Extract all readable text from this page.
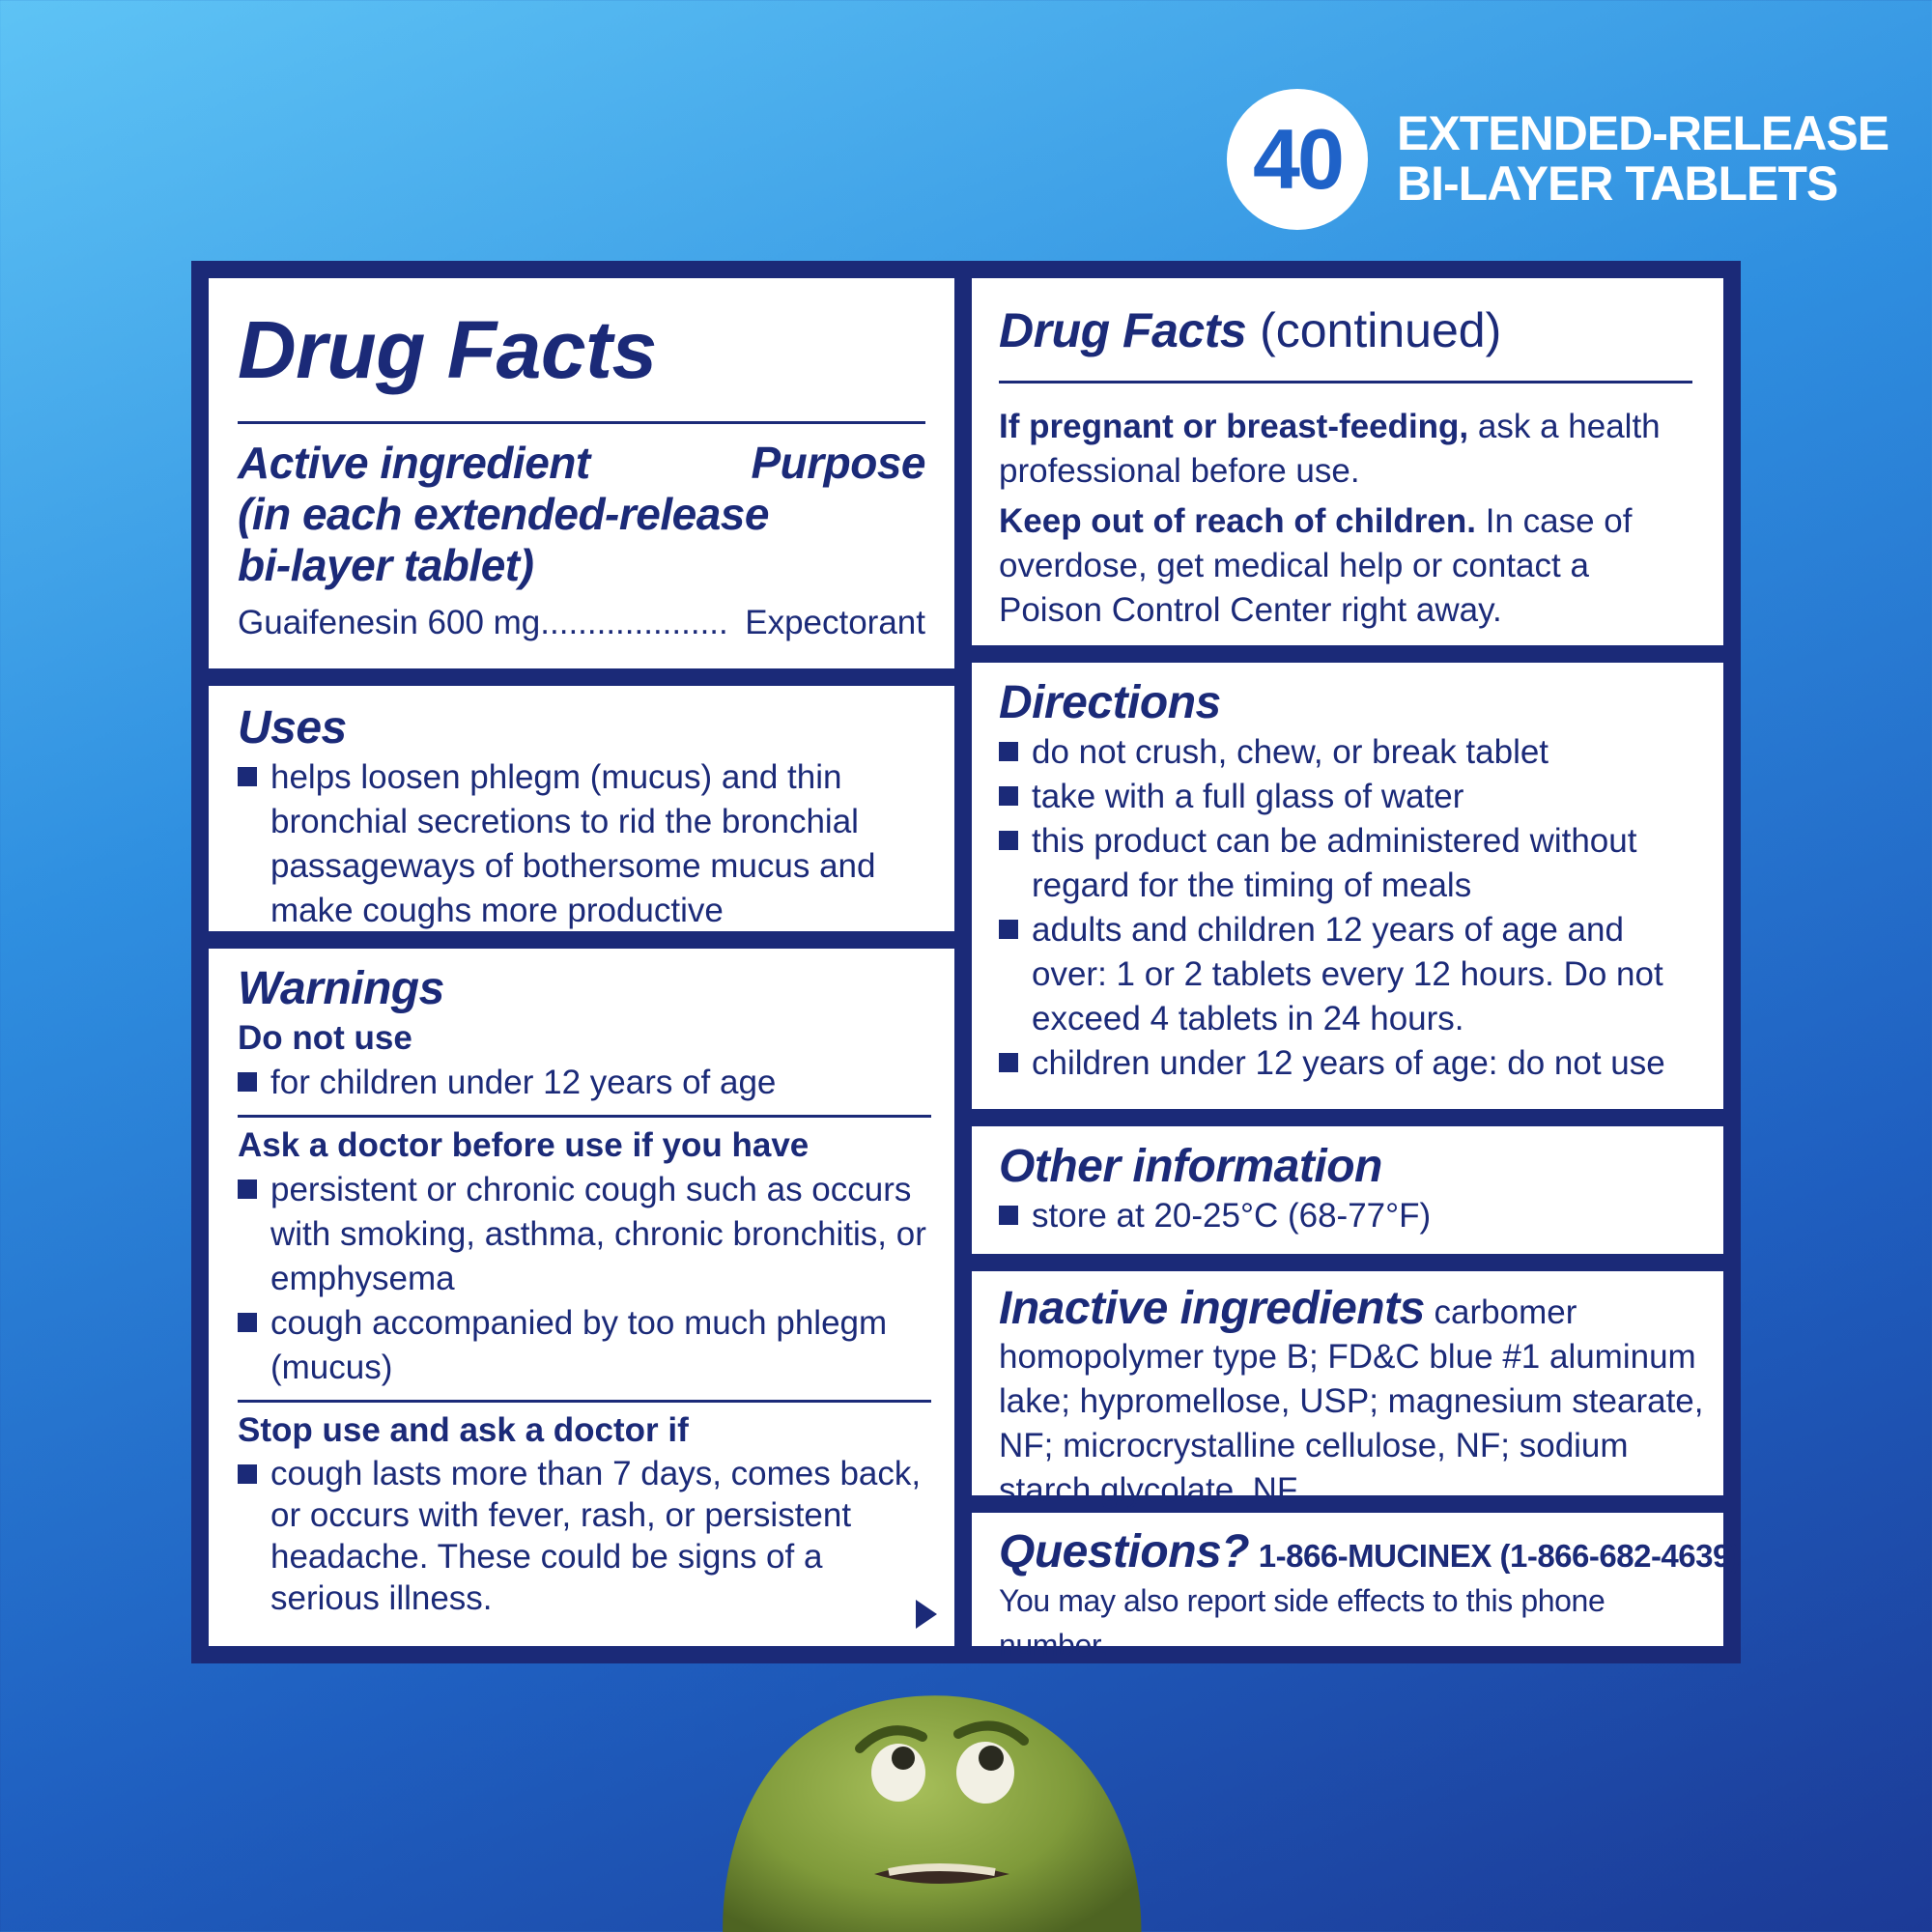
40 EXTENDED-RELEASE
BI-LAYER TABLETS
Drug Facts
Active ingredient
(in each extended-release
bi-layer tablet)
Purpose
Guaifenesin 600 mg .................... Expectorant
Uses
helps loosen phlegm (mucus) and thin bronchial secretions to rid the bronchial passageways of bothersome mucus and make coughs more productive
Warnings
Do not use
for children under 12 years of age
Ask a doctor before use if you have
persistent or chronic cough such as occurs with smoking, asthma, chronic bronchitis, or emphysema
cough accompanied by too much phlegm (mucus)
Stop use and ask a doctor if
cough lasts more than 7 days, comes back, or occurs with fever, rash, or persistent headache. These could be signs of a serious illness.
Drug Facts (continued)
If pregnant or breast-feeding, ask a health professional before use.
Keep out of reach of children. In case of overdose, get medical help or contact a Poison Control Center right away.
Directions
do not crush, chew, or break tablet
take with a full glass of water
this product can be administered without regard for the timing of meals
adults and children 12 years of age and over: 1 or 2 tablets every 12 hours. Do not exceed 4 tablets in 24 hours.
children under 12 years of age: do not use
Other information
store at 20-25°C (68-77°F)
Inactive ingredients carbomer homopolymer type B; FD&C blue #1 aluminum lake; hypromellose, USP; magnesium stearate, NF; microcrystalline cellulose, NF; sodium starch glycolate, NF
Questions? 1-866-MUCINEX (1-866-682-4639)
You may also report side effects to this phone number.
